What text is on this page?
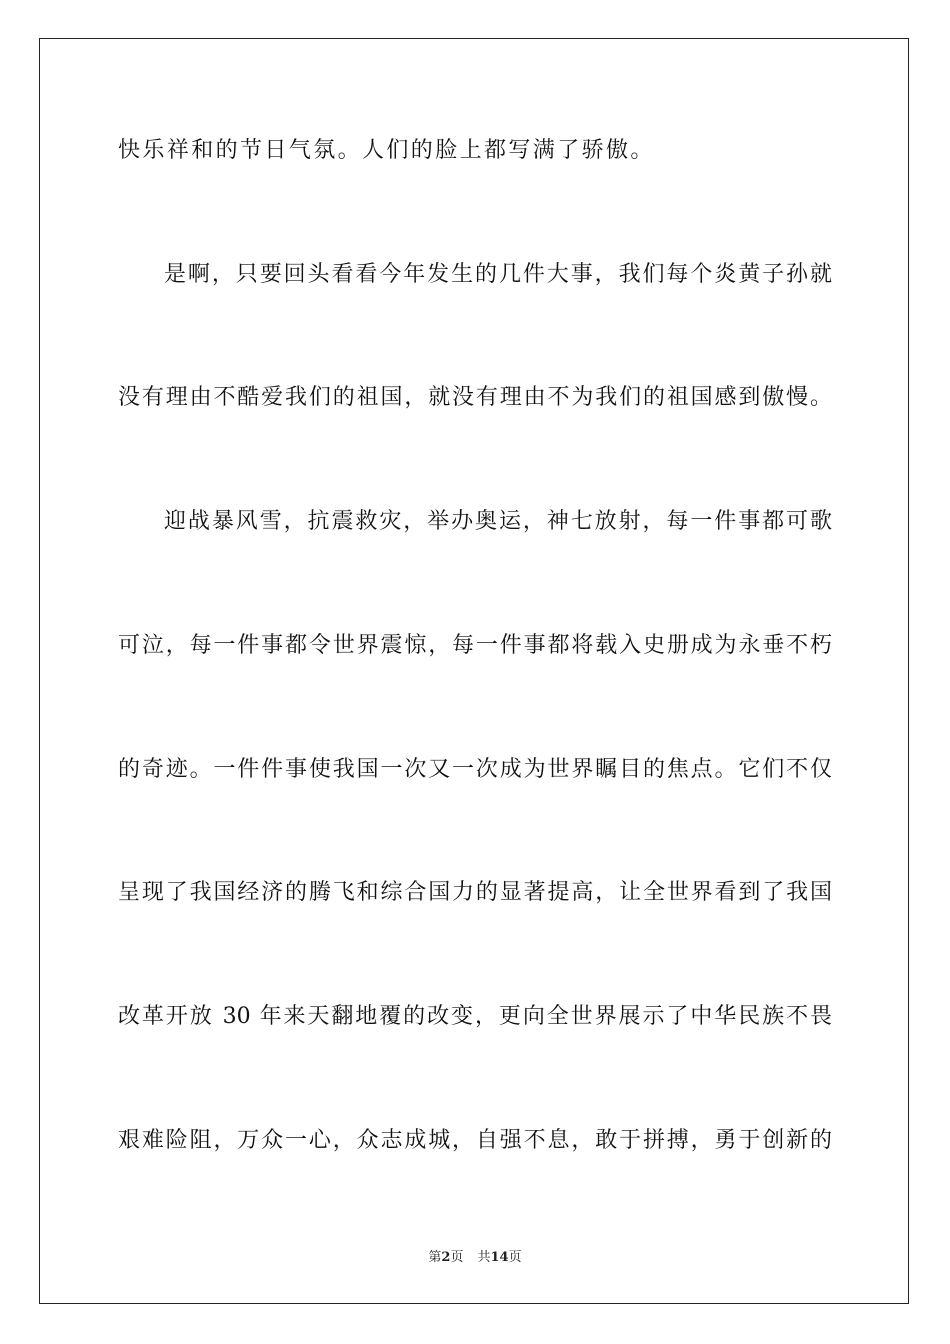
快乐祥和的节日气氛。人们的脸上都写满了骄傲。

是啊，只要回头看看今年发生的几件大事，我们每个炎黄子孙就

没有理由不酷爱我们的祖国，就没有理由不为我们的祖国感到傲慢。

迎战暴风雪，抗震救灾，举办奥运，神七放射，每一件事都可歌

可泣，每一件事都令世界震惊，每一件事都将载入史册成为永垂不朽

的奇迹。一件件事使我国一次又一次成为世界瞩目的焦点。它们不仅

呈现了我国经济的腾飞和综合国力的显著提高，让全世界看到了我国

改革开放 30 年来天翻地覆的改变，更向全世界展示了中华民族不畏

艰难险阻，万众一心，众志成城，自强不息，敢于拼搏，勇于创新的

第2页 共14页
